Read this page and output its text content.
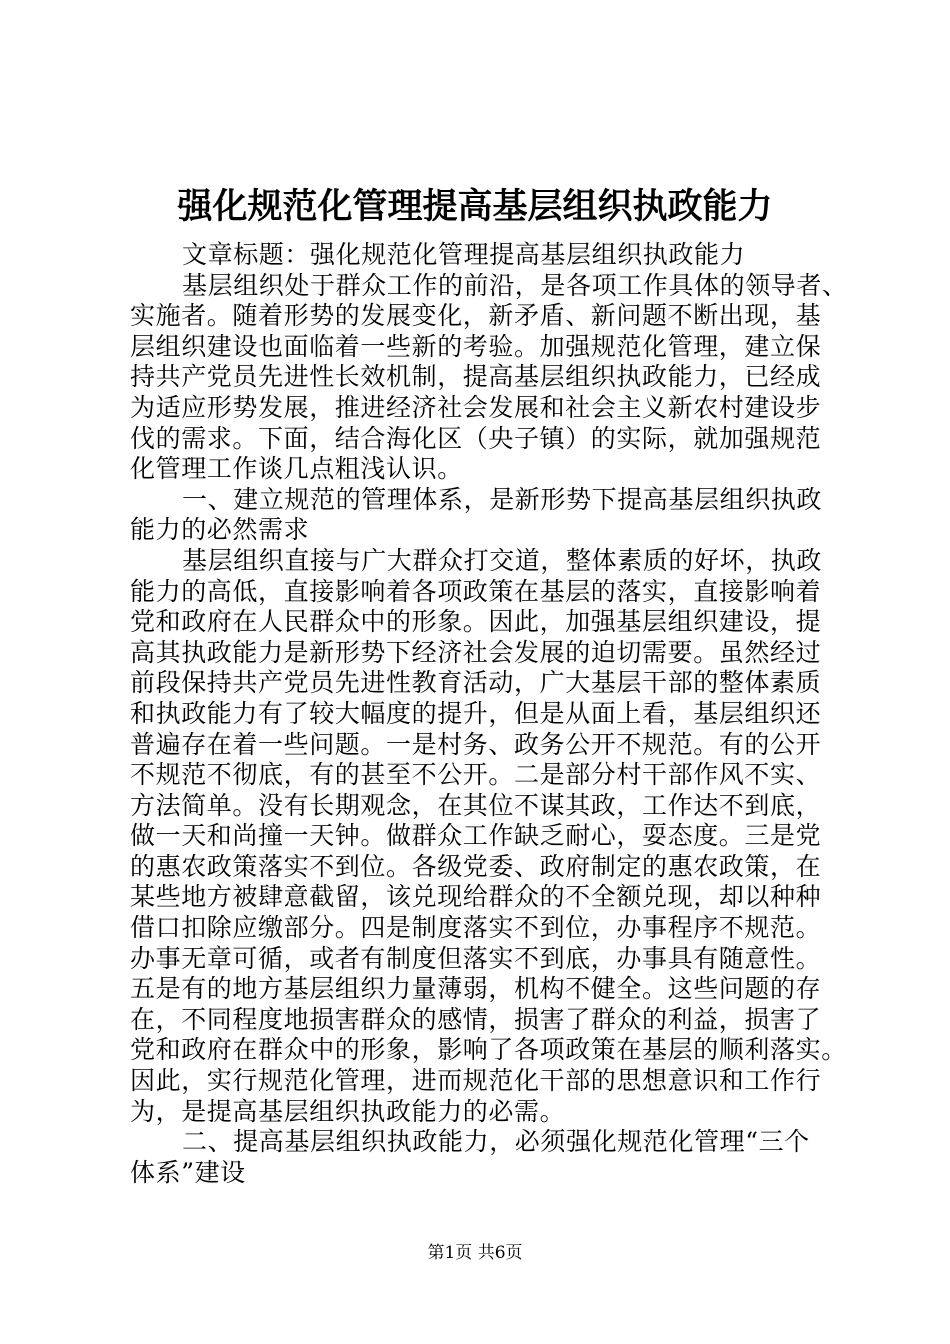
强化规范化管理提高基层组织执政能力
文章标题：强化规范化管理提高基层组织执政能力
基层组织处于群众工作的前沿，是各项工作具体的领导者、
实施者。随着形势的发展变化，新矛盾、新问题不断出现，基
层组织建设也面临着一些新的考验。加强规范化管理，建立保
持共产党员先进性长效机制，提高基层组织执政能力，已经成
为适应形势发展，推进经济社会发展和社会主义新农村建设步
伐的需求。下面，结合海化区（央子镇）的实际，就加强规范
化管理工作谈几点粗浅认识。
一、建立规范的管理体系，是新形势下提高基层组织执政
能力的必然需求
基层组织直接与广大群众打交道，整体素质的好坏，执政
能力的高低，直接影响着各项政策在基层的落实，直接影响着
党和政府在人民群众中的形象。因此，加强基层组织建设，提
高其执政能力是新形势下经济社会发展的迫切需要。虽然经过
前段保持共产党员先进性教育活动，广大基层干部的整体素质
和执政能力有了较大幅度的提升，但是从面上看，基层组织还
普遍存在着一些问题。一是村务、政务公开不规范。有的公开
不规范不彻底，有的甚至不公开。二是部分村干部作风不实、
方法简单。没有长期观念，在其位不谋其政，工作达不到底，
做一天和尚撞一天钟。做群众工作缺乏耐心，耍态度。三是党
的惠农政策落实不到位。各级党委、政府制定的惠农政策，在
某些地方被肆意截留，该兑现给群众的不全额兑现，却以种种
借口扣除应缴部分。四是制度落实不到位，办事程序不规范。
办事无章可循，或者有制度但落实不到底，办事具有随意性。
五是有的地方基层组织力量薄弱，机构不健全。这些问题的存
在，不同程度地损害群众的感情，损害了群众的利益，损害了
党和政府在群众中的形象，影响了各项政策在基层的顺利落实。
因此，实行规范化管理，进而规范化干部的思想意识和工作行
为，是提高基层组织执政能力的必需。
二、提高基层组织执政能力，必须强化规范化管理“三个
体系”建设
第1页 共6页
